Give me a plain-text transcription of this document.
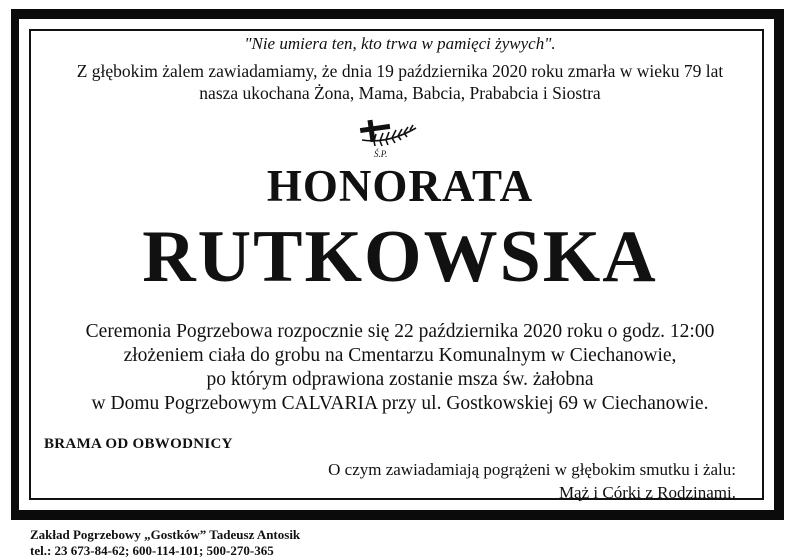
"Nie umiera ten, kto trwa w pamięci żywych".
Z głębokim żalem zawiadamiamy, że dnia 19 października 2020 roku zmarła w wieku 79 lat
nasza ukochana Żona, Mama, Babcia, Prababcia i Siostra
Ś.P.
HONORATA
RUTKOWSKA
Ceremonia Pogrzebowa rozpocznie się 22 października 2020 roku o godz. 12:00
złożeniem ciała do grobu na Cmentarzu Komunalnym w Ciechanowie,
po którym odprawiona zostanie msza św. żałobna
w Domu Pogrzebowym CALVARIA przy ul. Gostkowskiej 69 w Ciechanowie.
BRAMA OD OBWODNICY
O czym zawiadamiają pogrążeni w głębokim smutku i żalu:
Mąż i Córki z Rodzinami.
Zakład Pogrzebowy „Gostków” Tadeusz Antosik
tel.: 23 673-84-62; 600-114-101; 500-270-365
